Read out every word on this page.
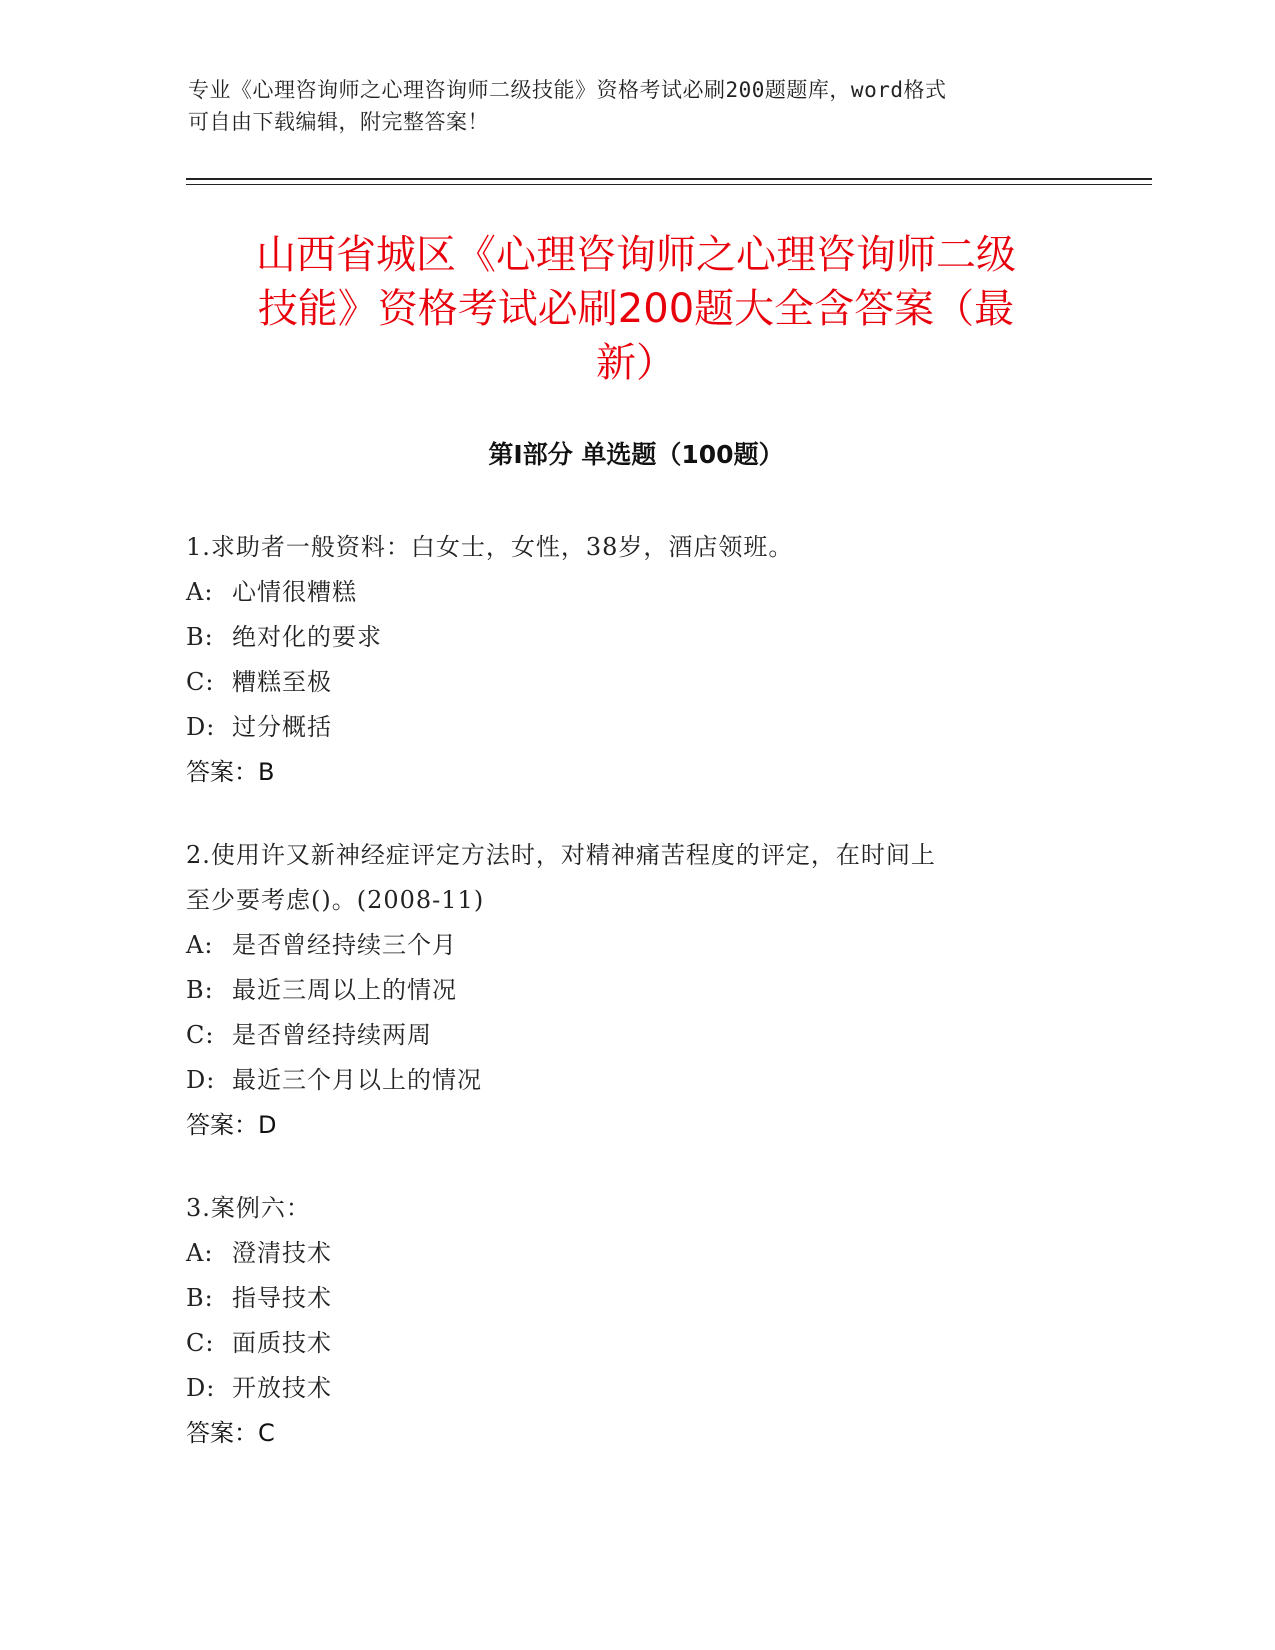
专业《心理咨询师之心理咨询师二级技能》资格考试必刷200题题库，word格式
可自由下载编辑，附完整答案！
山西省城区《心理咨询师之心理咨询师二级
技能》资格考试必刷200题大全含答案（最
新）
第Ⅰ部分 单选题（100题）
1.求助者一般资料：白女士，女性，38岁，酒店领班。
A: 心情很糟糕
B: 绝对化的要求
C: 糟糕至极
D: 过分概括
答案：B
2.使用许又新神经症评定方法时，对精神痛苦程度的评定，在时间上
至少要考虑()。(2008-11)
A: 是否曾经持续三个月
B: 最近三周以上的情况
C: 是否曾经持续两周
D: 最近三个月以上的情况
答案：D
3.案例六：
A: 澄清技术
B: 指导技术
C: 面质技术
D: 开放技术
答案：C
